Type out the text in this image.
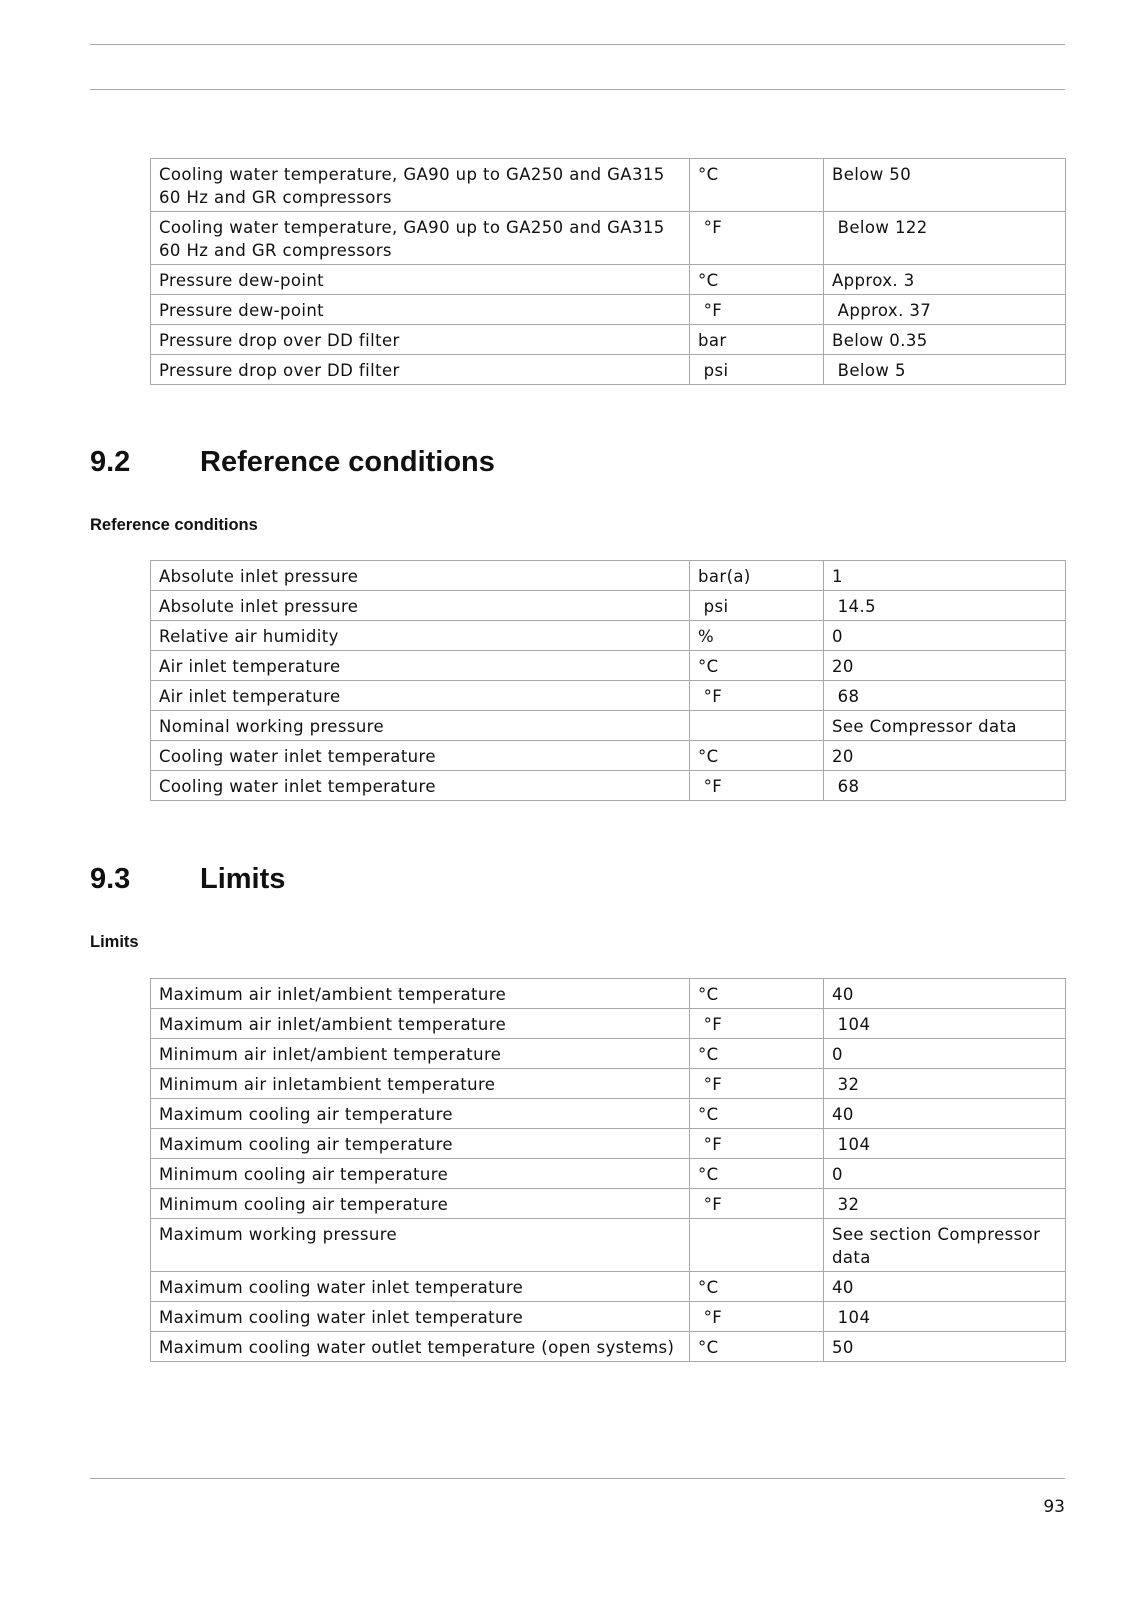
Cooling water temperature, GA90 up to GA250 and GA315 60 Hz and GR compressors	°C	Below 50
Cooling water temperature, GA90 up to GA250 and GA315 60 Hz and GR compressors	°F	Below 122
Pressure dew-point	°C	Approx. 3
Pressure dew-point	°F	Approx. 37
Pressure drop over DD filter	bar	Below 0.35
Pressure drop over DD filter	psi	Below 5
9.2 Reference conditions

Reference conditions

Absolute inlet pressure	bar(a)	1
Absolute inlet pressure	psi	14.5
Relative air humidity	%	0
Air inlet temperature	°C	20
Air inlet temperature	°F	68
Nominal working pressure		See Compressor data
Cooling water inlet temperature	°C	20
Cooling water inlet temperature	°F	68
9.3 Limits

Limits

Maximum air inlet/ambient temperature	°C	40
Maximum air inlet/ambient temperature	°F	104
Minimum air inlet/ambient temperature	°C	0
Minimum air inletambient temperature	°F	32
Maximum cooling air temperature	°C	40
Maximum cooling air temperature	°F	104
Minimum cooling air temperature	°C	0
Minimum cooling air temperature	°F	32
Maximum working pressure		See section Compressor data
Maximum cooling water inlet temperature	°C	40
Maximum cooling water inlet temperature	°F	104
Maximum cooling water outlet temperature (open systems)	°C	50
93
